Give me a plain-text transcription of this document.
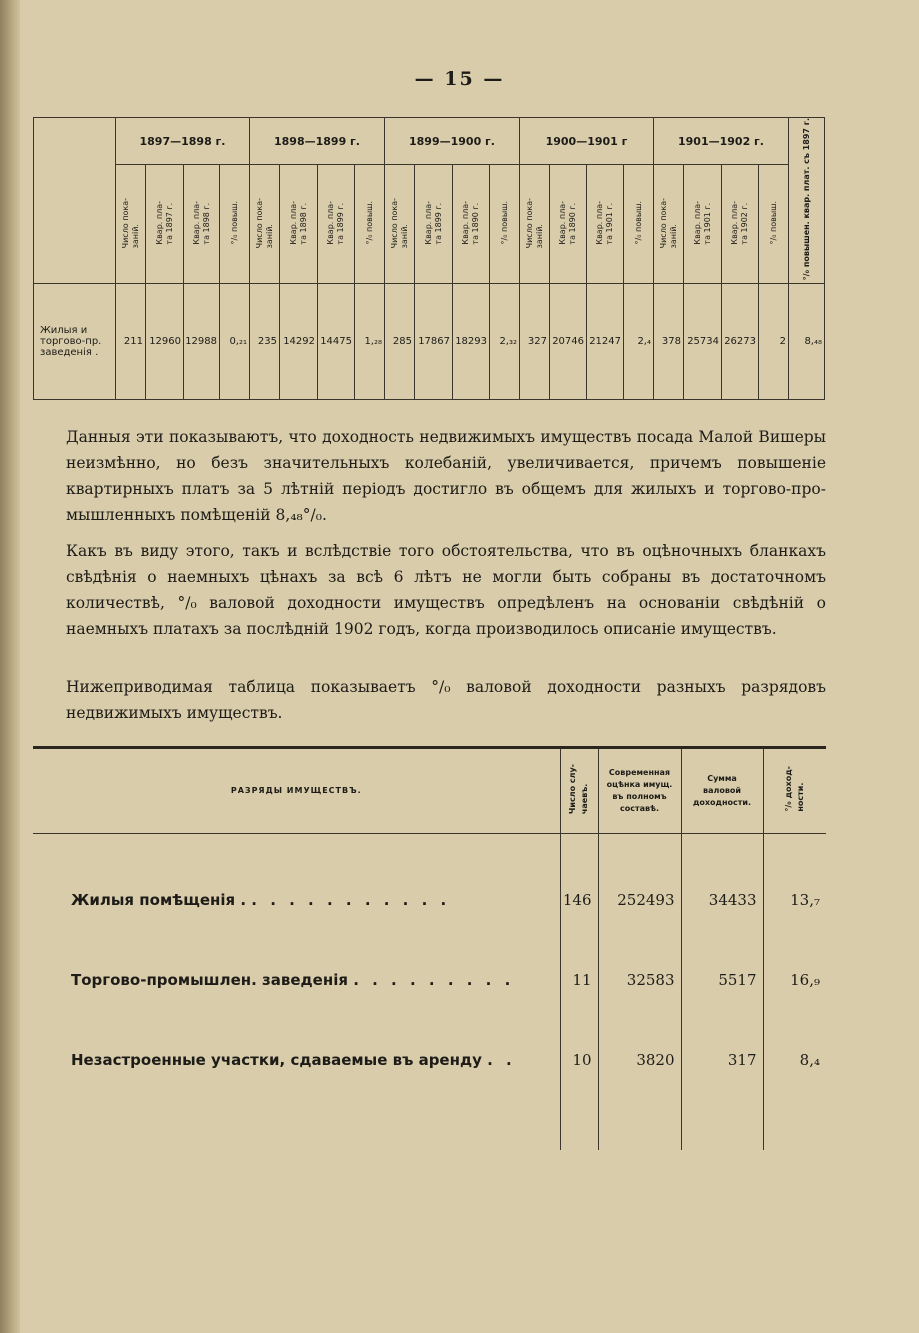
— 15 —
	1897—1898 г.				1898—1899 г.				1899—1900 г.				1900—1901 г				1901—1902 г.				°/₀ повышен. квар. плат. съ 1897 г.
	Число пока-
заній.	Квар. пла-
та 1897 г.	Квар. пла-
та 1898 г.	°/₀ повыш.	Число пока-
заній.	Квар. пла-
та 1898 г.	Квар. пла-
та 1899 г.	°/₀ повыш.	Число пока-
заній.	Квар. пла-
та 1899 г.	Квар. пла-
та 1890 г.	°/₀ повыш.	Число пока-
заній.	Квар. пла-
та 1890 г.	Квар. пла-
та 1901 г.	°/₀ повыш.	Число пока-
заній.	Квар. пла-
та 1901 г.	Квар. пла-
та 1902 г.	°/₀ повыш.	
Жилыя и
торгово-пр.
заведенія .	211	12960	12988	0,₂₁	235	14292	14475	1,₂₈	285	17867	18293	2,₃₂	327	20746	21247	2,₄	378	25734	26273	2	8,₄₈

Данныя эти показываютъ, что доходность недвижимыхъ имуществъ посада Малой Вишеры неизмѣнно, но безъ значительныхъ колебаній, увеличивается, причемъ повышеніе квартирныхъ платъ за 5 лѣтній періодъ достигло въ общемъ для жилыхъ и торгово-про-мышленныхъ помѣщеній 8,₄₈°/₀.

Какъ въ виду этого, такъ и вслѣдствіе того обстоятельства, что въ оцѣночныхъ бланкахъ свѣдѣнія о наемныхъ цѣнахъ за всѣ 6 лѣтъ не могли быть собраны въ достаточномъ количествѣ, °/₀ валовой доходности имуществъ опредѣленъ на основаніи свѣдѣній о наемныхъ платахъ за послѣдній 1902 годъ, когда производилось описаніе имуществъ.

Нижеприводимая таблица показываетъ °/₀ валовой доходности разныхъ разрядовъ недвижимыхъ имуществъ.

РАЗРЯДЫ ИМУЩЕСТВЪ.	Число слу-
чаевъ.	Современная
оцѣнка имущ.
въ полномъ
составѣ.	Сумма
валовой
доходности.	°/₀ доход-
ности.

Жилыя помѣщенія . . . . . . . . . . . .	146	252493	34433	13,₇
Торгово-промышлен. заведенія . . . . . . . . .	11	32583	5517	16,₉
Незастроенные участки, сдаваемые въ аренду . .	10	3820	317	8,₄
